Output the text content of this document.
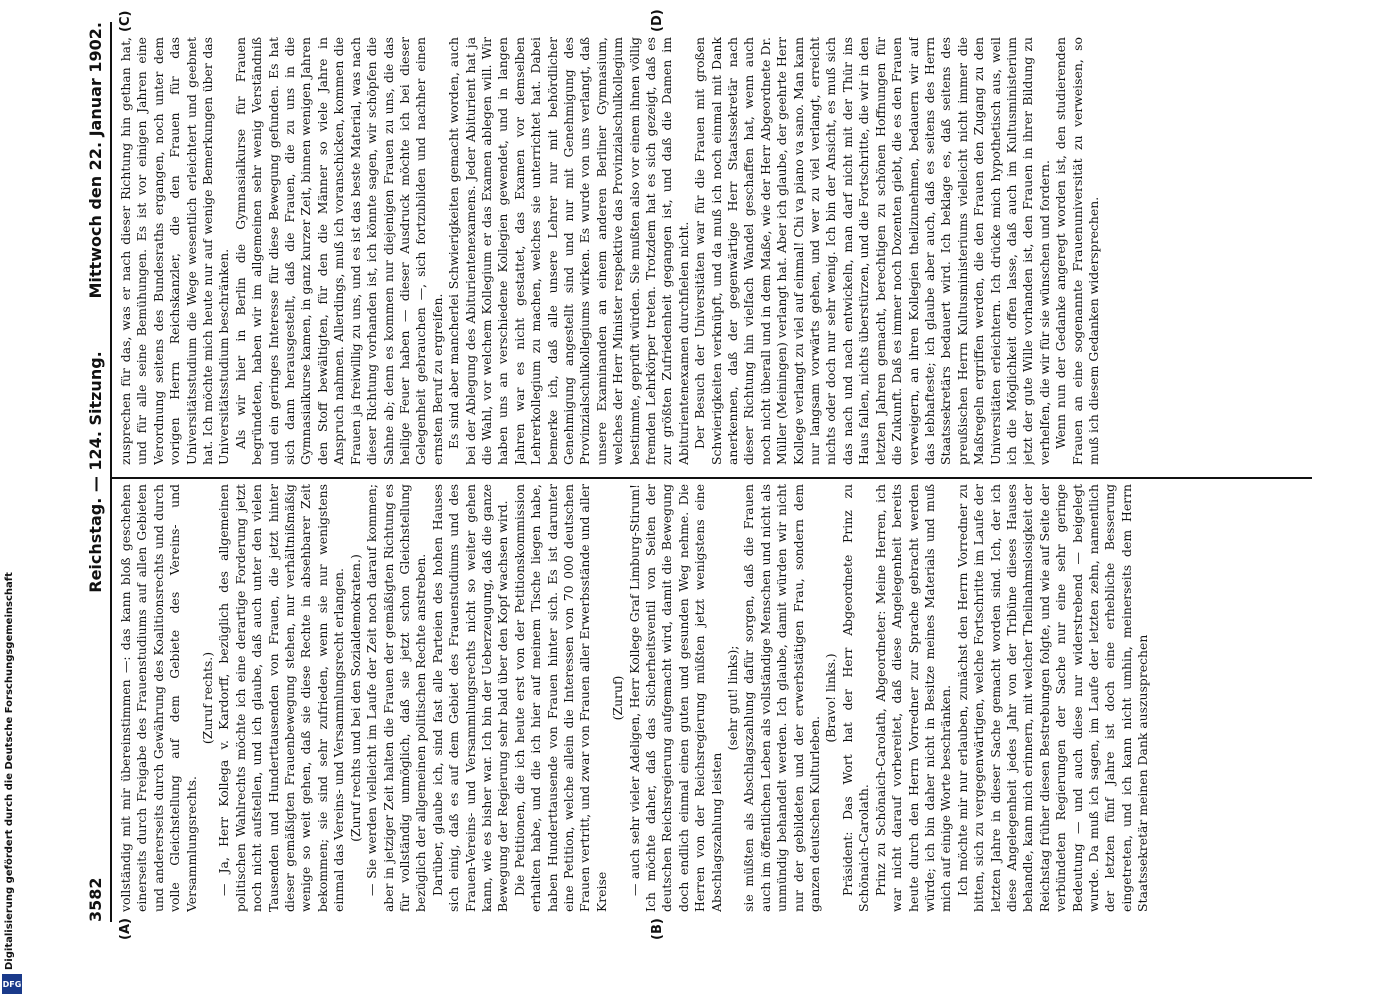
3582
Reichstag. — 124. Sitzung.
Mittwoch den 22. Januar 1902.
(A)	(B)
(C)	(D)

vollständig mit mir übereinstimmen —: das kann bloß geschehen einerseits durch Freigabe des Frauenstudiums auf allen Gebieten und andererseits durch Gewährung des Koalitionsrechts und durch volle Gleichstellung auf dem Gebiete des Vereins- und Versammlungsrechts.

(Zuruf rechts.) — Ja, Herr Kollega v. Kardorff, bezüglich des allgemeinen politischen Wahlrechts möchte ich eine derartige Forderung jetzt noch nicht aufstellen, und ich glaube, daß auch unter den vielen Tausenden und Hunderttausenden von Frauen, die jetzt hinter dieser gemäßigten Frauenbewegung stehen, nur verhältnißmäßig wenige so weit gehen, daß sie diese Rechte in absehbarer Zeit bekommen; sie sind sehr zufrieden, wenn sie nur wenigstens einmal das Vereins- und Versammlungsrecht erlangen. (Zuruf rechts und bei den Sozialdemokraten.) — Sie werden vielleicht im Laufe der Zeit noch darauf kommen; aber in jetziger Zeit halten die Frauen der gemäßigten Richtung es für vollständig unmöglich, daß sie jetzt schon Gleichstellung bezüglich der allgemeinen politischen Rechte anstreben. Darüber, glaube ich, sind fast alle Parteien des hohen Hauses sich einig, daß es auf dem Gebiet des Frauenstudiums und des Frauen-Vereins- und Versammlungsrechts nicht so weiter gehen kann, wie es bisher war. Ich bin der Ueberzeugung, daß die ganze Bewegung der Regierung sehr bald über den Kopf wachsen wird. Die Petitionen, die ich heute erst von der Petitionskommission erhalten habe, und die ich hier auf meinem Tische liegen habe, haben Hunderttausende von Frauen hinter sich. Es ist darunter eine Petition, welche allein die Interessen von 70 000 deutschen Frauen vertritt, und zwar von Frauen aller Erwerbsstände und aller Kreise

(Zuruf) — auch sehr vieler Adeligen, Herr Kollege Graf Limburg-Stirum! Ich möchte daher, daß das Sicherheitsventil von Seiten der deutschen Reichsregierung aufgemacht wird, damit die Bewegung doch endlich einmal einen guten und gesunden Weg nehme. Die Herren von der Reichsregierung müßten jetzt wenigstens eine Abschlagszahlung leisten

(sehr gut! links); sie müßten als Abschlagszahlung dafür sorgen, daß die Frauen auch im öffentlichen Leben als vollständige Menschen und nicht als unmündig behandelt werden. Ich glaube, damit würden wir nicht nur der gebildeten und der erwerbstätigen Frau, sondern dem ganzen deutschen Kulturleben.

(Bravo! links.) Präsident: Das Wort hat der Herr Abgeordnete Prinz zu Schönaich-Carolath. Prinz zu Schönaich-Carolath, Abgeordneter: Meine Herren, ich war nicht darauf vorbereitet, daß diese Angelegenheit bereits heute durch den Herrn Vorredner zur Sprache gebracht werden würde; ich bin daher nicht in Besitze meines Materials und muß mich auf einige Worte beschränken. Ich möchte mir nur erlauben, zunächst den Herrn Vorredner zu bitten, sich zu vergegenwärtigen, welche Fortschritte im Laufe der letzten Jahre in dieser Sache gemacht worden sind. Ich, der ich diese Angelegenheit jedes Jahr von der Tribüne dieses Hauses behandle, kann mich erinnern, mit welcher Theilnahmslosigkeit der Reichstag früher diesen Bestrebungen folgte, und wie auf Seite der verbündeten Regierungen der Sache nur eine sehr geringe Bedeutung — und auch diese nur widerstrebend — beigelegt wurde. Da muß ich sagen, im Laufe der letzten zehn, namentlich der letzten fünf Jahre ist doch eine erhebliche Besserung eingetreten, und ich kann nicht umhin, meinerseits dem Herrn Staatssekretär meinen Dank auszusprechen

zusprechen für das, was er nach dieser Richtung hin gethan hat, und für alle seine Bemühungen. Es ist vor einigen Jahren eine Verordnung seitens des Bundesraths ergangen, noch unter dem vorigen Herrn Reichskanzler, die den Frauen für das Universitätsstudium die Wege wesentlich erleichtert und geebnet hat. Ich möchte mich heute nur auf wenige Bemerkungen über das Universitätsstudium beschränken. Als wir hier in Berlin die Gymnasialkurse für Frauen begründeten, haben wir im allgemeinen sehr wenig Verständniß und ein geringes Interesse für diese Bewegung gefunden. Es hat sich dann herausgestellt, daß die Frauen, die zu uns in die Gymnasialkurse kamen, in ganz kurzer Zeit, binnen wenigen Jahren den Stoff bewältigten, für den die Männer so viele Jahre in Anspruch nahmen. Allerdings, muß ich voranschicken, kommen die Frauen ja freiwillig zu uns, und es ist das beste Material, was nach dieser Richtung vorhanden ist, ich könnte sagen, wir schöpfen die Sahne ab; denn es kommen nur diejenigen Frauen zu uns, die das heilige Feuer haben — dieser Ausdruck möchte ich bei dieser Gelegenheit gebrauchen —, sich fortzubilden und nachher einen ernsten Beruf zu ergreifen. Es sind aber mancherlei Schwierigkeiten gemacht worden, auch bei der Ablegung des Abiturientenexamens. Jeder Abiturient hat ja die Wahl, vor welchem Kollegium er das Examen ablegen will. Wir haben uns an verschiedene Kollegien gewendet, und in langen Jahren war es nicht gestattet, das Examen vor demselben Lehrerkollegium zu machen, welches sie unterrichtet hat. Dabei bemerke ich, daß alle unsere Lehrer nur mit behördlicher Genehmigung angestellt sind und nur mit Genehmigung des Provinzialschulkollegiums wirken. Es wurde von uns verlangt, daß unsere Examinanden an einem anderen Berliner Gymnasium, welches der Herr Minister respektive das Provinzialschulkollegium bestimmte, geprüft würden. Sie mußten also vor einem ihnen völlig fremden Lehrkörper treten. Trotzdem hat es sich gezeigt, daß es zur größten Zufriedenheit gegangen ist, und daß die Damen im Abiturientenexamen durchfielen nicht. Der Besuch der Universitäten war für die Frauen mit großen Schwierigkeiten verknüpft, und da muß ich noch einmal mit Dank anerkennen, daß der gegenwärtige Herr Staatssekretär nach dieser Richtung hin vielfach Wandel geschaffen hat, wenn auch noch nicht überall und in dem Maße, wie der Herr Abgeordnete Dr. Müller (Meiningen) verlangt hat. Aber ich glaube, der geehrte Herr Kollege verlangt zu viel auf einmal! Chi va piano va sano. Man kann nur langsam vorwärts gehen, und wer zu viel verlangt, erreicht nichts oder doch nur sehr wenig. Ich bin der Ansicht, es muß sich das nach und nach entwickeln, man darf nicht mit der Thür ins Haus fallen, nichts überstürzen, und die Fortschritte, die wir in den letzten Jahren gemacht, berechtigen zu schönen Hoffnungen für die Zukunft. Daß es immer noch Dozenten giebt, die es den Frauen verweigern, an ihren Kollegien theilzunehmen, bedauern wir auf das lebhafteste; ich glaube aber auch, daß es seitens des Herrn Staatssekretärs bedauert wird. Ich beklage es, daß seitens des preußischen Herrn Kultusministeriums vielleicht nicht immer die Maßregeln ergriffen werden, die den Frauen den Zugang zu den Universitäten erleichtern. Ich drücke mich hypothetisch aus, weil ich die Möglichkeit offen lasse, daß auch im Kultusministerium jetzt der gute Wille vorhanden ist, den Frauen in ihrer Bildung zu verhelfen, die wir für sie wünschen und fordern. Wenn nun der Gedanke angeregt worden ist, den studierenden Frauen an eine sogenannte Frauenuniversität zu verweisen, so muß ich diesem Gedanken widersprechen.

Digitalisierung gefördert durch die Deutsche Forschungsgemeinschaft
DFG
